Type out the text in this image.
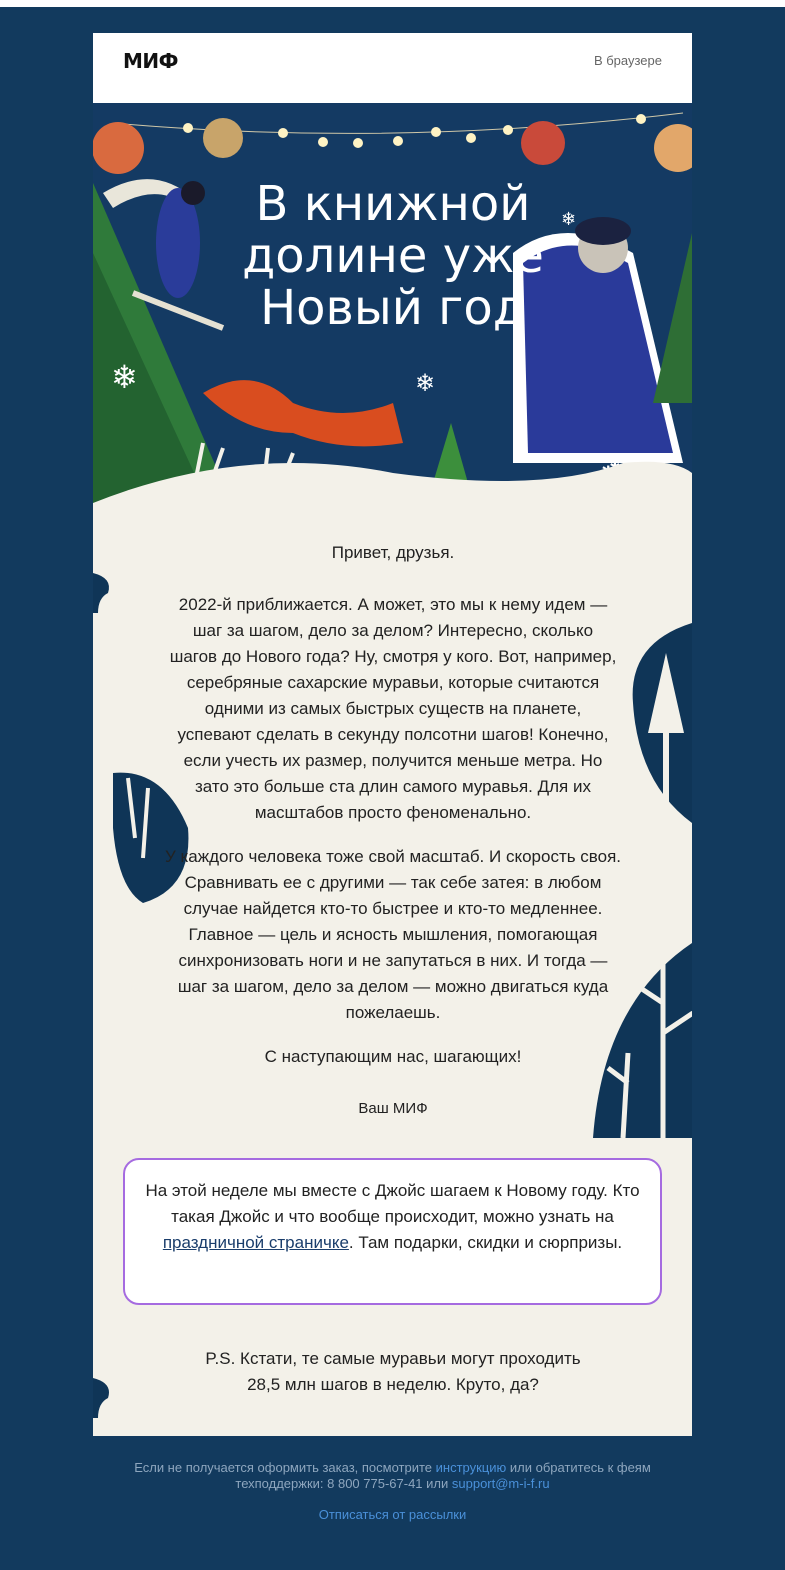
МИФ	В браузере
❄	❄
❄
В книжной
долине уже
Новый год
Привет, друзья.
2022-й приближается. А может, это мы к нему идем — шаг за шагом, дело за делом? Интересно, сколько шагов до Нового года? Ну, смотря у кого. Вот, например, серебряные сахарские муравьи, которые считаются одними из самых быстрых существ на планете, успевают сделать в секунду полсотни шагов! Конечно, если учесть их размер, получится меньше метра. Но зато это больше ста длин самого муравья. Для их масштабов просто феноменально.
У каждого человека тоже свой масштаб. И скорость своя. Сравнивать ее с другими — так себе затея: в любом случае найдется кто-то быстрее и кто-то медленнее. Главное — цель и ясность мышления, помогающая синхронизовать ноги и не запутаться в них. И тогда — шаг за шагом, дело за делом — можно двигаться куда пожелаешь.
С наступающим нас, шагающих!
Ваш МИФ
На этой неделе мы вместе с Джойс шагаем к Новому году. Кто такая Джойс и что вообще происходит, можно узнать на праздничной страничке. Там подарки, скидки и сюрпризы.
P.S. Кстати, те самые муравьи могут проходить 28,5 млн шагов в неделю. Круто, да?
Если не получается оформить заказ, посмотрите инструкцию или обратитесь к феям техподдержки: 8 800 775-67-41 или support@m-i-f.ru
Отписаться от рассылки
